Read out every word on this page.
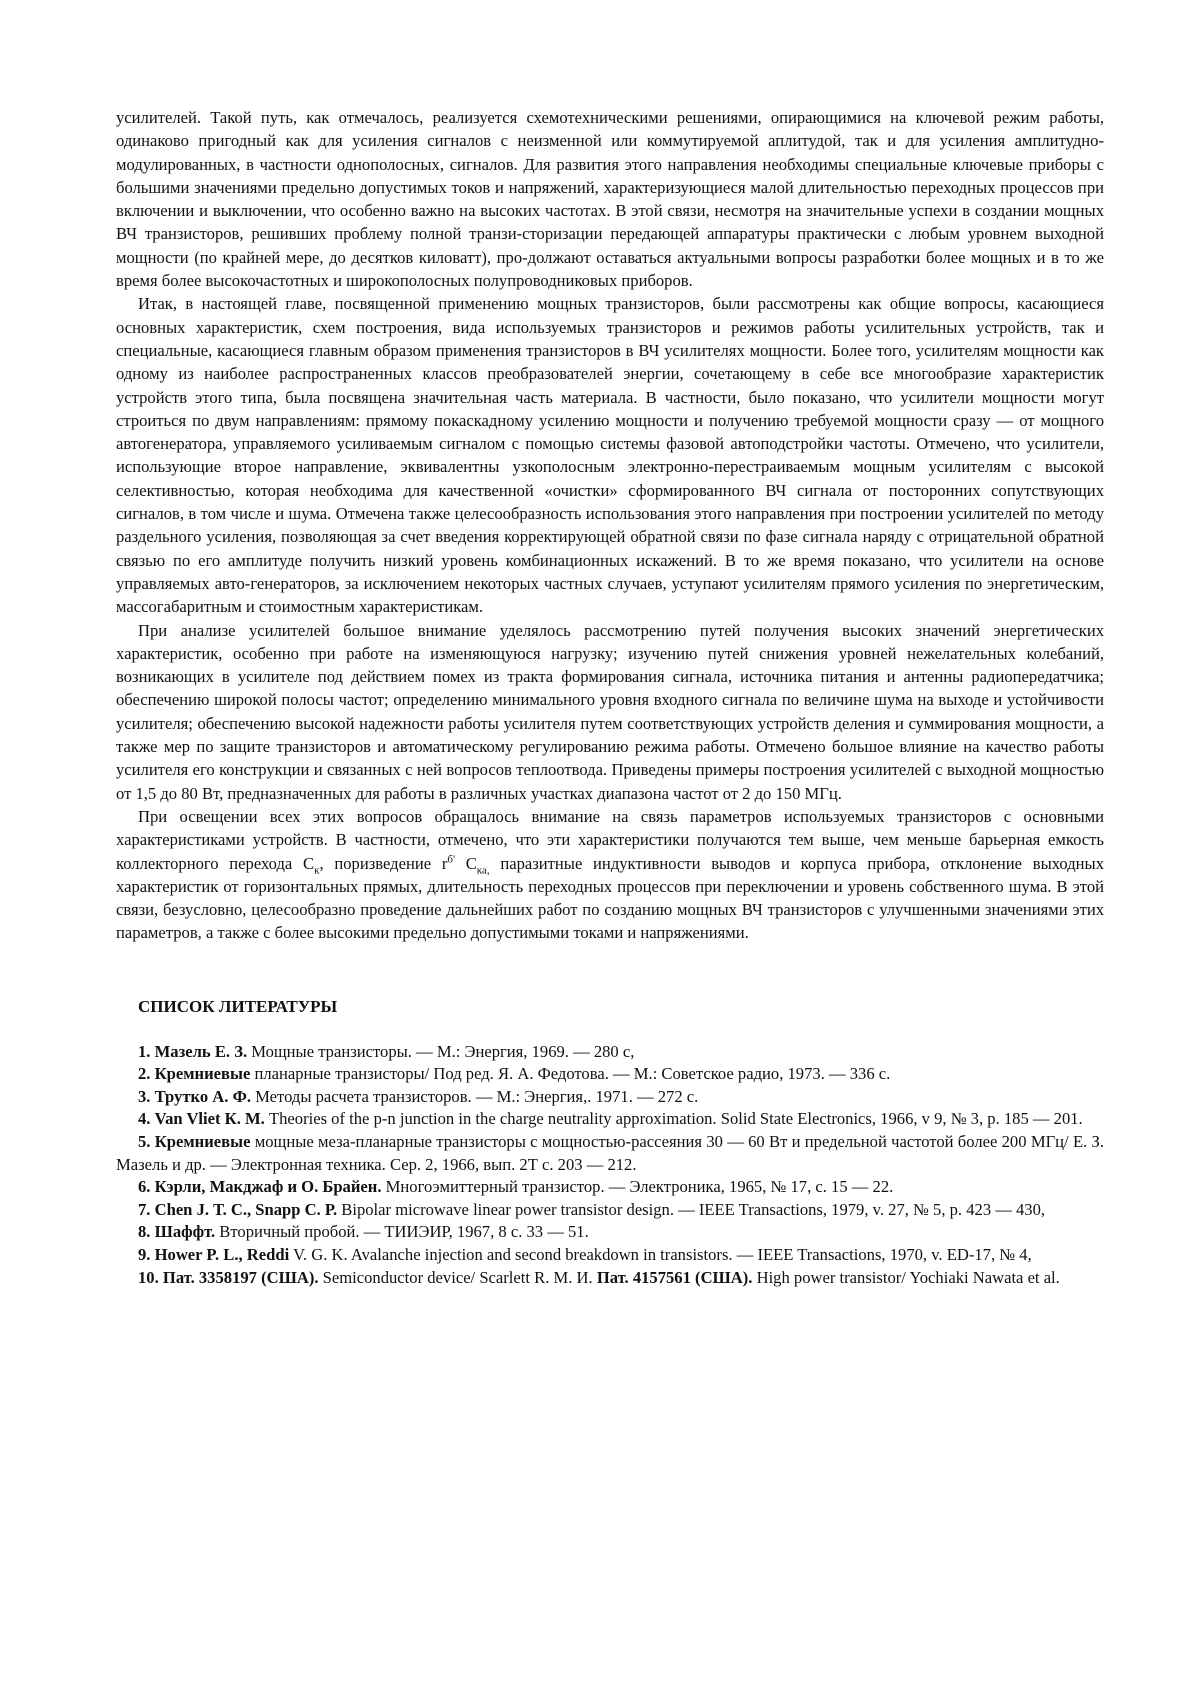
усилителей. Такой путь, как отмечалось, реализуется схемотехническими решениями, опирающимися на ключевой режим работы, одинаково пригодный как для усиления сигналов с неизменной или коммутируемой аплитудой, так и для усиления амплитудно-модулированных, в частности однополосных, сигналов. Для развития этого направления необходимы специальные ключевые приборы с большими значениями предельно допустимых токов и напряжений, характеризующиеся малой длительностью переходных процессов при включении и выключении, что особенно важно на высоких частотах. В этой связи, несмотря на значительные успехи в создании мощных ВЧ транзисторов, решивших проблему полной транзи-сторизации передающей аппаратуры практически с любым уровнем выходной мощности (по крайней мере, до десятков киловатт), про-должают оставаться актуальными вопросы разработки более мощных и в то же время более высокочастотных и широкополосных полупроводниковых приборов.

Итак, в настоящей главе, посвященной применению мощных транзисторов, были рассмотрены как общие вопросы, касающиеся основных характеристик, схем построения, вида используемых транзисторов и режимов работы усилительных устройств, так и специальные, касающиеся главным образом применения транзисторов в ВЧ усилителях мощности. Более того, усилителям мощности как одному из наиболее распространенных классов преобразователей энергии, сочетающему в себе все многообразие характеристик устройств этого типа, была посвящена значительная часть материала. В частности, было показано, что усилители мощности могут строиться по двум направлениям: прямому покаскадному усилению мощности и получению требуемой мощности сразу — от мощного автогенератора, управляемого усиливаемым сигналом с помощью системы фазовой автоподстройки частоты. Отмечено, что усилители, использующие второе направление, эквивалентны узкополосным электронно-перестраиваемым мощным усилителям с высокой селективностью, которая необходима для качественной «очистки» сформированного ВЧ сигнала от посторонних сопутствующих сигналов, в том числе и шума. Отмечена также целесообразность использования этого направления при построении усилителей по методу раздельного усиления, позволяющая за счет введения корректирующей обратной связи по фазе сигнала наряду с отрицательной обратной связью по его амплитуде получить низкий уровень комбинационных искажений. В то же время показано, что усилители на основе управляемых авто-генераторов, за исключением некоторых частных случаев, уступают усилителям прямого усиления по энергетическим, массогабаритным и стоимостным характеристикам.

При анализе усилителей большое внимание уделялось рассмотрению путей получения высоких значений энергетических характеристик, особенно при работе на изменяющуюся нагрузку; изучению путей снижения уровней нежелательных колебаний, возникающих в усилителе под действием помех из тракта формирования сигнала, источника питания и антенны радиопередатчика; обеспечению широкой полосы частот; определению минимального уровня входного сигнала по величине шума на выходе и устойчивости усилителя; обеспечению высокой надежности работы усилителя путем соответствующих устройств деления и суммирования мощности, а также мер по защите транзисторов и автоматическому регулированию режима работы. Отмечено большое влияние на качество работы усилителя его конструкции и связанных с ней вопросов теплоотвода. Приведены примеры построения усилителей с выходной мощностью от 1,5 до 80 Вт, предназначенных для работы в различных участках диапазона частот от 2 до 150 МГц.

При освещении всех этих вопросов обращалось внимание на связь параметров используемых транзисторов с основными характеристиками устройств. В частности, отмечено, что эти характеристики получаются тем выше, чем меньше барьерная емкость коллекторного перехода $С_к$, поризведение $r^{б'}$ $С_{ка,}$ паразитные индуктивности выводов и корпуса прибора, отклонение выходных характеристик от горизонтальных прямых, длительность переходных процессов при переключении и уровень собственного шума. В этой связи, безусловно, целесообразно проведение дальнейших работ по созданию мощных ВЧ транзисторов с улучшенными значениями этих параметров, а также с более высокими предельно допустимыми токами и напряжениями.

СПИСОК ЛИТЕРАТУРЫ

1. Мазель Е. З. Мощные транзисторы. — М.: Энергия, 1969. — 280 с,

2. Кремниевые планарные транзисторы/ Под ред. Я. А. Федотова. — М.: Советское радио, 1973. — 336 с.

3. Трутко А. Ф. Методы расчета транзисторов. — М.: Энергия,. 1971. — 272 с.

4. Van Vliet К. М. Theories of the p-n junction in the charge neutrality approximation. Solid State Electronics, 1966, v 9, № 3, p. 185 — 201.

5. Кремниевые мощные меза-планарные транзисторы с мощностью-рассеяния 30 — 60 Вт и предельной частотой более 200 МГц/ Е. З. Мазель и др. — Электронная техника. Сер. 2, 1966, вып. 2Т с. 203 — 212.

6. Кэрли, Макджаф и О. Брайен. Многоэмиттерный транзистор. — Электроника, 1965, № 17, с. 15 — 22.

7. Chen J. Т. С., Snapp С. Р. Bipolar microwave linear power transistor design. — IEEE Transactions, 1979, v. 27, № 5, p. 423 — 430,

8. Шаффт. Вторичный пробой. — ТИИЭИР, 1967, 8 с. 33 — 51.

9. Hower P. L., Reddi V. G. K. Avalanche injection and second breakdown in transistors. — IEEE Transactions, 1970, v. ED-17, № 4,

10. Пат. 3358197 (США). Semiconductor device/ Scarlett R. M. И. Пат. 4157561 (США). High power transistor/ Yochiaki Nawata et al.
